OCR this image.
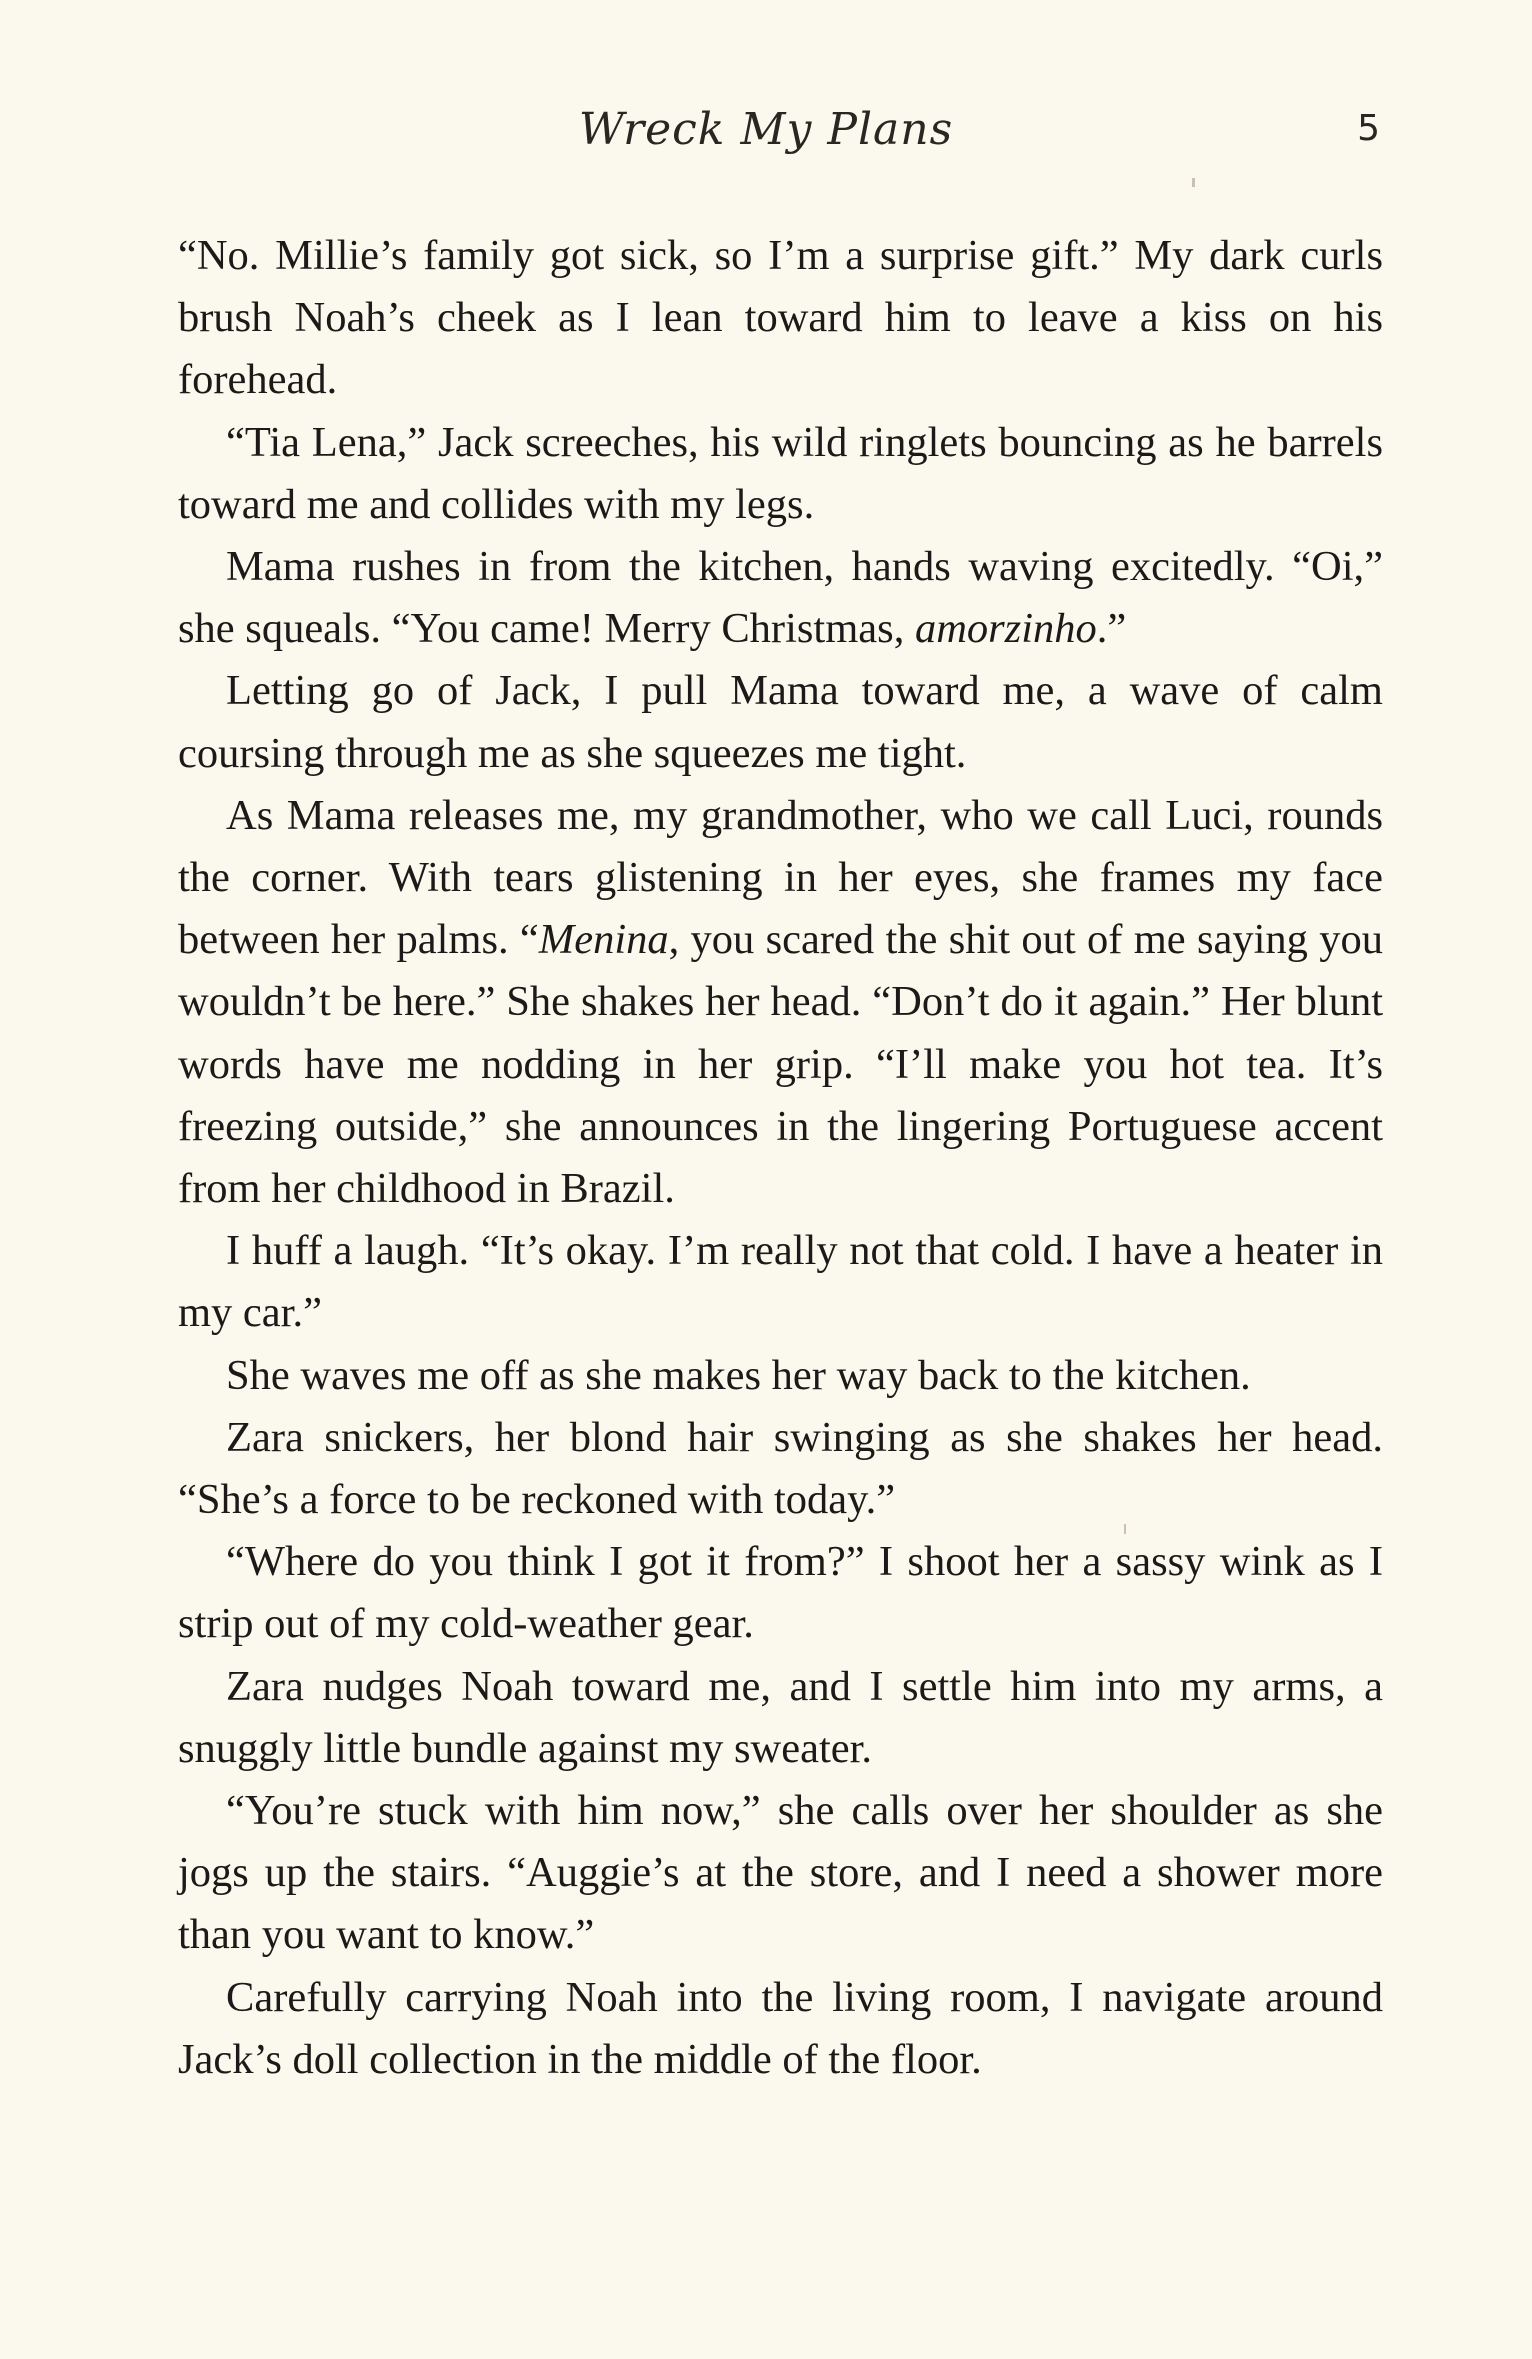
Wreck My Plans	5

“No. Millie’s family got sick, so I’m a surprise gift.” My dark curls brush Noah’s cheek as I lean toward him to leave a kiss on his forehead.

“Tia Lena,” Jack screeches, his wild ringlets bouncing as he barrels toward me and collides with my legs.

Mama rushes in from the kitchen, hands waving excitedly. “Oi,” she squeals. “You came! Merry Christmas, amorzinho.”

Letting go of Jack, I pull Mama toward me, a wave of calm coursing through me as she squeezes me tight.

As Mama releases me, my grandmother, who we call Luci, rounds the corner. With tears glistening in her eyes, she frames my face between her palms. “Menina, you scared the shit out of me saying you wouldn’t be here.” She shakes her head. “Don’t do it again.” Her blunt words have me nodding in her grip. “I’ll make you hot tea. It’s freezing outside,” she announces in the lingering Portuguese accent from her childhood in Brazil.

I huff a laugh. “It’s okay. I’m really not that cold. I have a heater in my car.”

She waves me off as she makes her way back to the kitchen.

Zara snickers, her blond hair swinging as she shakes her head. “She’s a force to be reckoned with today.”

“Where do you think I got it from?” I shoot her a sassy wink as I strip out of my cold-weather gear.

Zara nudges Noah toward me, and I settle him into my arms, a snuggly little bundle against my sweater.

“You’re stuck with him now,” she calls over her shoulder as she jogs up the stairs. “Auggie’s at the store, and I need a shower more than you want to know.”

Carefully carrying Noah into the living room, I navigate around Jack’s doll collection in the middle of the floor.
